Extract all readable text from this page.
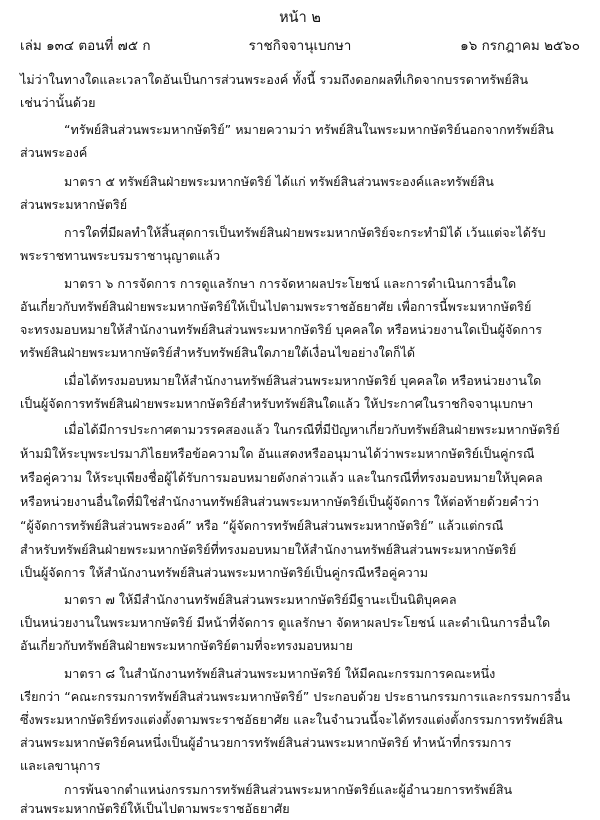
หน้า ๒
เล่ม ๑๓๔ ตอนที่ ๗๕ ก	ราชกิจจานุเบกษา	๑๖ กรกฎาคม ๒๕๖๐
ไม่ว่าในทางใดและเวลาใดอันเป็นการส่วนพระองค์ ทั้งนี้ รวมถึงดอกผลที่เกิดจากบรรดาทรัพย์สิน
เช่นว่านั้นด้วย
“ทรัพย์สินส่วนพระมหากษัตริย์” หมายความว่า ทรัพย์สินในพระมหากษัตริย์นอกจากทรัพย์สิน
ส่วนพระองค์
มาตรา ๕ ทรัพย์สินฝ่ายพระมหากษัตริย์ ได้แก่ ทรัพย์สินส่วนพระองค์และทรัพย์สิน
ส่วนพระมหากษัตริย์
การใดที่มีผลทำให้สิ้นสุดการเป็นทรัพย์สินฝ่ายพระมหากษัตริย์จะกระทำมิได้ เว้นแต่จะได้รับ
พระราชทานพระบรมราชานุญาตแล้ว
มาตรา ๖ การจัดการ การดูแลรักษา การจัดหาผลประโยชน์ และการดำเนินการอื่นใด
อันเกี่ยวกับทรัพย์สินฝ่ายพระมหากษัตริย์ให้เป็นไปตามพระราชอัธยาศัย เพื่อการนี้พระมหากษัตริย์
จะทรงมอบหมายให้สำนักงานทรัพย์สินส่วนพระมหากษัตริย์ บุคคลใด หรือหน่วยงานใดเป็นผู้จัดการ
ทรัพย์สินฝ่ายพระมหากษัตริย์สำหรับทรัพย์สินใดภายใต้เงื่อนไขอย่างใดก็ได้
เมื่อได้ทรงมอบหมายให้สำนักงานทรัพย์สินส่วนพระมหากษัตริย์ บุคคลใด หรือหน่วยงานใด
เป็นผู้จัดการทรัพย์สินฝ่ายพระมหากษัตริย์สำหรับทรัพย์สินใดแล้ว ให้ประกาศในราชกิจจานุเบกษา
เมื่อได้มีการประกาศตามวรรคสองแล้ว ในกรณีที่มีปัญหาเกี่ยวกับทรัพย์สินฝ่ายพระมหากษัตริย์
ห้ามมิให้ระบุพระปรมาภิไธยหรือข้อความใด อันแสดงหรืออนุมานได้ว่าพระมหากษัตริย์เป็นคู่กรณี
หรือคู่ความ ให้ระบุเพียงชื่อผู้ได้รับการมอบหมายดังกล่าวแล้ว และในกรณีที่ทรงมอบหมายให้บุคคล
หรือหน่วยงานอื่นใดที่มิใช่สำนักงานทรัพย์สินส่วนพระมหากษัตริย์เป็นผู้จัดการ ให้ต่อท้ายด้วยคำว่า
“ผู้จัดการทรัพย์สินส่วนพระองค์” หรือ “ผู้จัดการทรัพย์สินส่วนพระมหากษัตริย์” แล้วแต่กรณี
สำหรับทรัพย์สินฝ่ายพระมหากษัตริย์ที่ทรงมอบหมายให้สำนักงานทรัพย์สินส่วนพระมหากษัตริย์
เป็นผู้จัดการ ให้สำนักงานทรัพย์สินส่วนพระมหากษัตริย์เป็นคู่กรณีหรือคู่ความ
มาตรา ๗ ให้มีสำนักงานทรัพย์สินส่วนพระมหากษัตริย์มีฐานะเป็นนิติบุคคล
เป็นหน่วยงานในพระมหากษัตริย์ มีหน้าที่จัดการ ดูแลรักษา จัดหาผลประโยชน์ และดำเนินการอื่นใด
อันเกี่ยวกับทรัพย์สินฝ่ายพระมหากษัตริย์ตามที่จะทรงมอบหมาย
มาตรา ๘ ในสำนักงานทรัพย์สินส่วนพระมหากษัตริย์ ให้มีคณะกรรมการคณะหนึ่ง
เรียกว่า “คณะกรรมการทรัพย์สินส่วนพระมหากษัตริย์” ประกอบด้วย ประธานกรรมการและกรรมการอื่น
ซึ่งพระมหากษัตริย์ทรงแต่งตั้งตามพระราชอัธยาศัย และในจำนวนนี้จะได้ทรงแต่งตั้งกรรมการทรัพย์สิน
ส่วนพระมหากษัตริย์คนหนึ่งเป็นผู้อำนวยการทรัพย์สินส่วนพระมหากษัตริย์ ทำหน้าที่กรรมการ
และเลขานุการ
การพ้นจากตำแหน่งกรรมการทรัพย์สินส่วนพระมหากษัตริย์และผู้อำนวยการทรัพย์สิน
ส่วนพระมหากษัตริย์ให้เป็นไปตามพระราชอัธยาศัย
